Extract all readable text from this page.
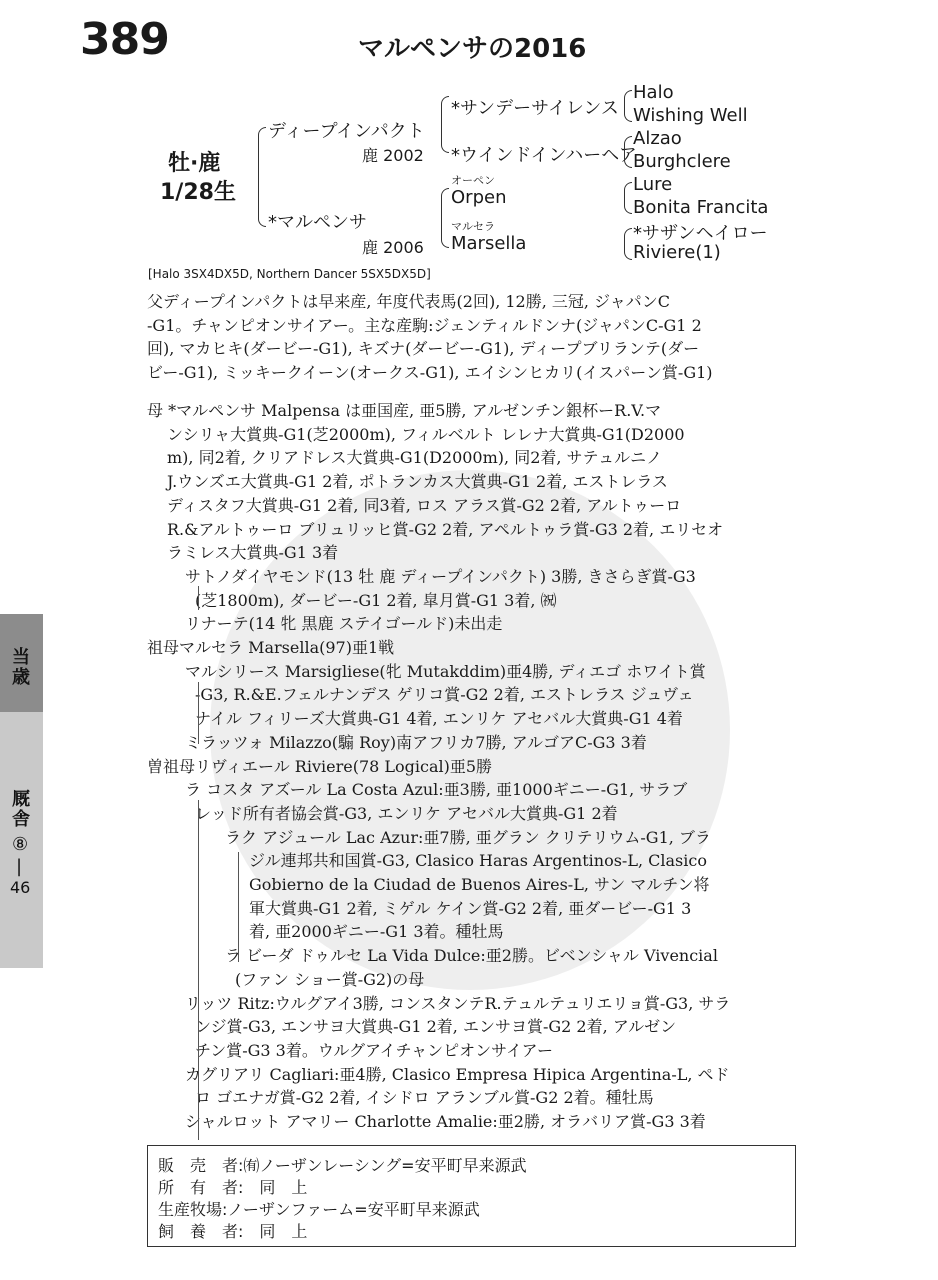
389	マルペンサの2016
牡·鹿
1/28生
ディープインパクト
鹿 2002
*マルペンサ
鹿 2006
*サンデーサイレンス
*ウインドインハーヘア
オーペン
Orpen
マルセラ
Marsella
Halo
Wishing Well
Alzao
Burghclere
Lure
Bonita Francita
*サザンヘイロー
Riviere(1)
[Halo 3SX4DX5D, Northern Dancer 5SX5DX5D]
父ディープインパクトは早来産, 年度代表馬(2回), 12勝, 三冠, ジャパンC
-G1。チャンピオンサイアー。主な産駒:ジェンティルドンナ(ジャパンC-G1 2
回), マカヒキ(ダービー-G1), キズナ(ダービー-G1), ディープブリランテ(ダー
ビー-G1), ミッキークイーン(オークス-G1), エイシンヒカリ(イスパーン賞-G1)
母 *マルペンサ Malpensa は亜国産, 亜5勝, アルゼンチン銀杯ーR.V.マ
ンシリャ大賞典-G1(芝2000m), フィルベルト レレナ大賞典-G1(D2000
m), 同2着, クリアドレス大賞典-G1(D2000m), 同2着, サテュルニノ
J.ウンズエ大賞典-G1 2着, ポトランカス大賞典-G1 2着, エストレラス
ディスタフ大賞典-G1 2着, 同3着, ロス アラス賞-G2 2着, アルトゥーロ
R.&アルトゥーロ ブリュリッヒ賞-G2 2着, アペルトゥラ賞-G3 2着, エリセオ
ラミレス大賞典-G1 3着
サトノダイヤモンド(13 牡 鹿 ディープインパクト) 3勝, きさらぎ賞-G3
(芝1800m), ダービー-G1 2着, 皐月賞-G1 3着, ㈷
リナーテ(14 牝 黒鹿 ステイゴールド)未出走
祖母マルセラ Marsella(97)亜1戦
マルシリース Marsigliese(牝 Mutakddim)亜4勝, ディエゴ ホワイト賞
-G3, R.&E.フェルナンデス ゲリコ賞-G2 2着, エストレラス ジュヴェ
ナイル フィリーズ大賞典-G1 4着, エンリケ アセバル大賞典-G1 4着
ミラッツォ Milazzo(騸 Roy)南アフリカ7勝, アルゴアC-G3 3着
曽祖母リヴィエール Riviere(78 Logical)亜5勝
ラ コスタ アズール La Costa Azul:亜3勝, 亜1000ギニー-G1, サラブ
レッド所有者協会賞-G3, エンリケ アセバル大賞典-G1 2着
ラク アジュール Lac Azur:亜7勝, 亜グラン クリテリウム-G1, ブラ
ジル連邦共和国賞-G3, Clasico Haras Argentinos-L, Clasico
Gobierno de la Ciudad de Buenos Aires-L, サン マルチン将
軍大賞典-G1 2着, ミゲル ケイン賞-G2 2着, 亜ダービー-G1 3
着, 亜2000ギニー-G1 3着。種牡馬
ラ ビーダ ドゥルセ La Vida Dulce:亜2勝。ビベンシャル Vivencial
(ファン ショー賞-G2)の母
リッツ Ritz:ウルグアイ3勝, コンスタンテR.テュルテュリエリョ賞-G3, サラ
ンジ賞-G3, エンサヨ大賞典-G1 2着, エンサヨ賞-G2 2着, アルゼン
チン賞-G3 3着。ウルグアイチャンピオンサイアー
カグリアリ Cagliari:亜4勝, Clasico Empresa Hipica Argentina-L, ペド
ロ ゴエナガ賞-G2 2着, イシドロ アランブル賞-G2 2着。種牡馬
シャルロット アマリー Charlotte Amalie:亜2勝, オラバリア賞-G3 3着
当歳
厩舎
⑧
|
46
販　売　者:㈲ノーザンレーシング=安平町早来源武
所　有　者:　同　上
生産牧場:ノーザンファーム=安平町早来源武
飼　養　者:　同　上
